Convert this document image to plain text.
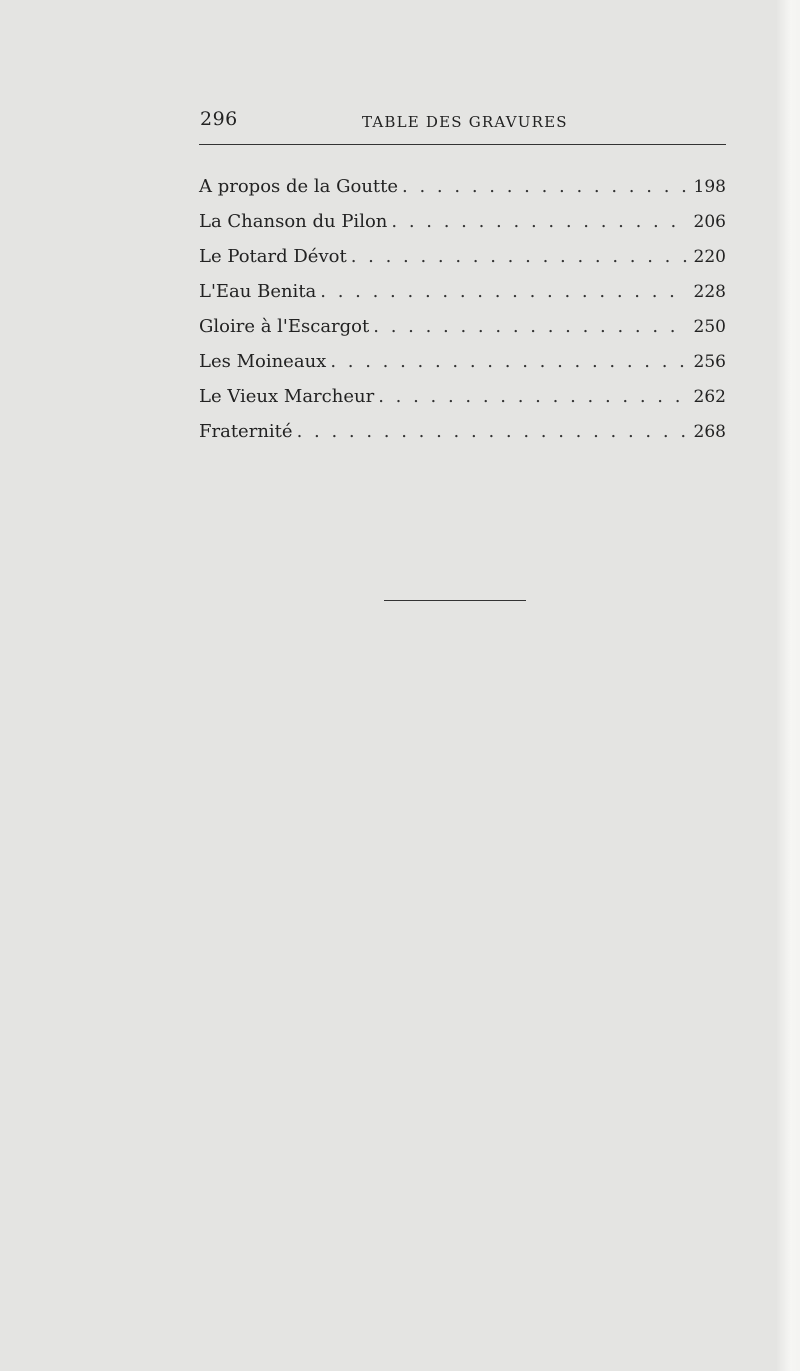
296	TABLE DES GRAVURES
A propos de la Goutte . . .	198
La Chanson du Pilon . . .	206
Le Potard Dévot . . .	220
L'Eau Benita . . .	228
Gloire à l'Escargot . . .	250
Les Moineaux . . .	256
Le Vieux Marcheur . . .	262
Fraternité . . .	268
